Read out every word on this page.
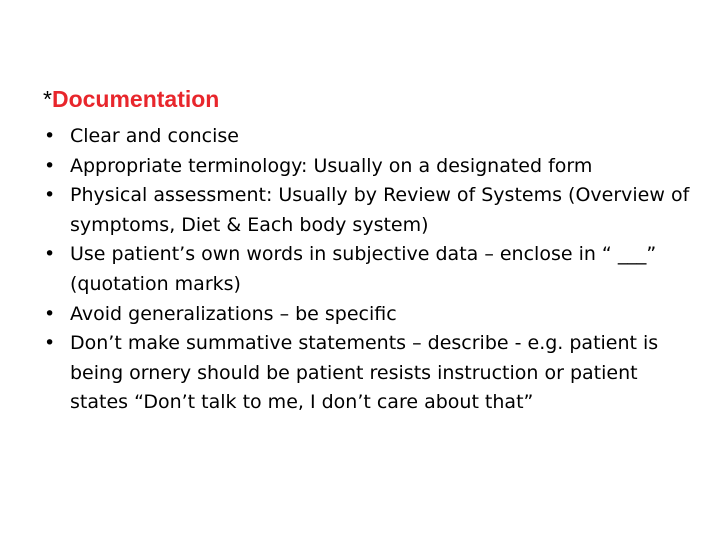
*Documentation
• Clear and concise
• Appropriate terminology: Usually on a designated form
• Physical assessment: Usually by Review of Systems (Overview of symptoms, Diet & Each body system)
• Use patient’s own words in subjective data – enclose in “ ___” (quotation marks)
• Avoid generalizations – be specific
• Don’t make summative statements – describe - e.g. patient is being ornery should be patient resists instruction or patient states “Don’t talk to me, I don’t care about that”
